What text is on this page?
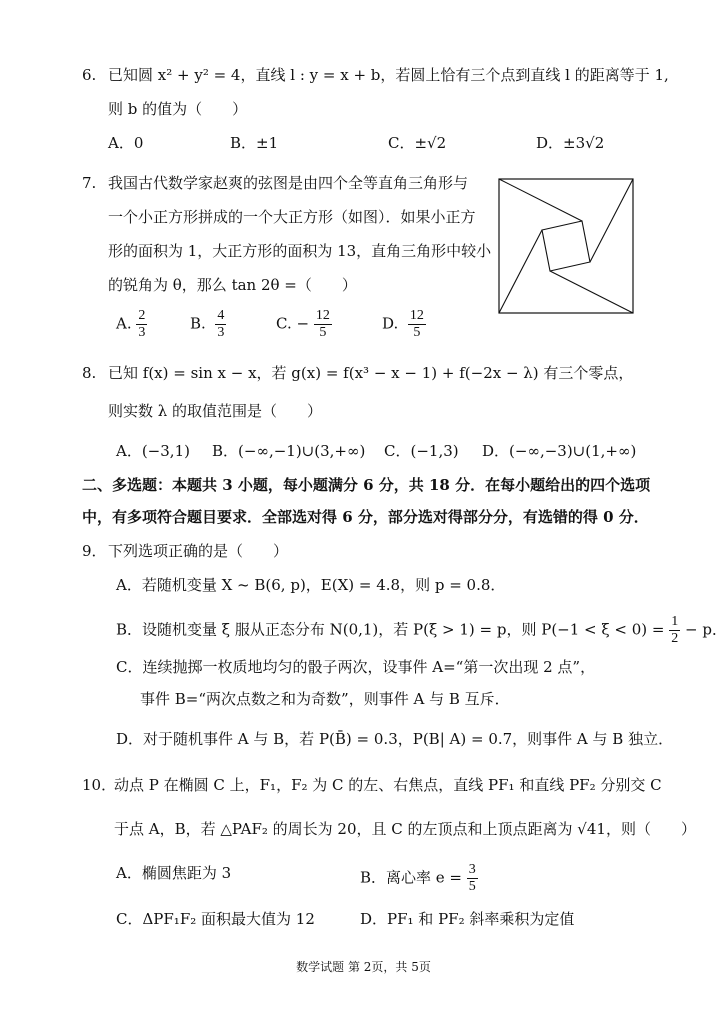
6. 已知圆 x² + y² = 4，直线 l : y = x + b，若圆上恰有三个点到直线 l 的距离等于 1,
则 b 的值为（　　）
A．0	B．±1	C．±√2	D．±3√2
7. 我国古代数学家赵爽的弦图是由四个全等直角三角形与
一个小正方形拼成的一个大正方形（如图）．如果小正方
形的面积为 1，大正方形的面积为 13，直角三角形中较小
的锐角为 θ，那么 tan 2θ =（　　）
A. $\frac{2}{3}$	B. $\frac{4}{3}$	C. − $\frac{12}{5}$	D. $\frac{12}{5}$
8. 已知 f(x) = sin x − x，若 g(x) = f(x³ − x − 1) + f(−2x − λ) 有三个零点，
则实数 λ 的取值范围是（　　）
A．(−3,1) B．(−∞,−1)∪(3,+∞) C．(−1,3) D．(−∞,−3)∪(1,+∞)
二、多选题：本题共 3 小题，每小题满分 6 分，共 18 分．在每小题给出的四个选项
中，有多项符合题目要求．全部选对得 6 分，部分选对得部分分，有选错的得 0 分．
9． 下列选项正确的是（　　）
A．若随机变量 X ~ B(6, p)，E(X) = 4.8，则 p = 0.8．
B．设随机变量 ξ 服从正态分布 N(0,1)，若 P(ξ > 1) = p，则 $P(-1 < \xi < 0) = \frac{1}{2} - p$．
C．连续抛掷一枚质地均匀的骰子两次，设事件 A=“第一次出现 2 点”，
事件 B=“两次点数之和为奇数”，则事件 A 与 B 互斥．
D．对于随机事件 A 与 B，若 P(B̄) = 0.3，P(B| A) = 0.7，则事件 A 与 B 独立．
10．
动点 P 在椭圆 C 上，F₁，F₂ 为 C 的左、右焦点，直线 PF₁ 和直线 PF₂ 分别交 C
于点 A，B，若 △PAF₂ 的周长为 20，且 C 的左顶点和上顶点距离为 √41，则（　　）
A．椭圆焦距为 3	B．离心率 $e = \frac{3}{5}$
C．ΔPF₁F₂ 面积最大值为 12	D．PF₁ 和 PF₂ 斜率乘积为定值
数学试题 第 2页，共 5页
